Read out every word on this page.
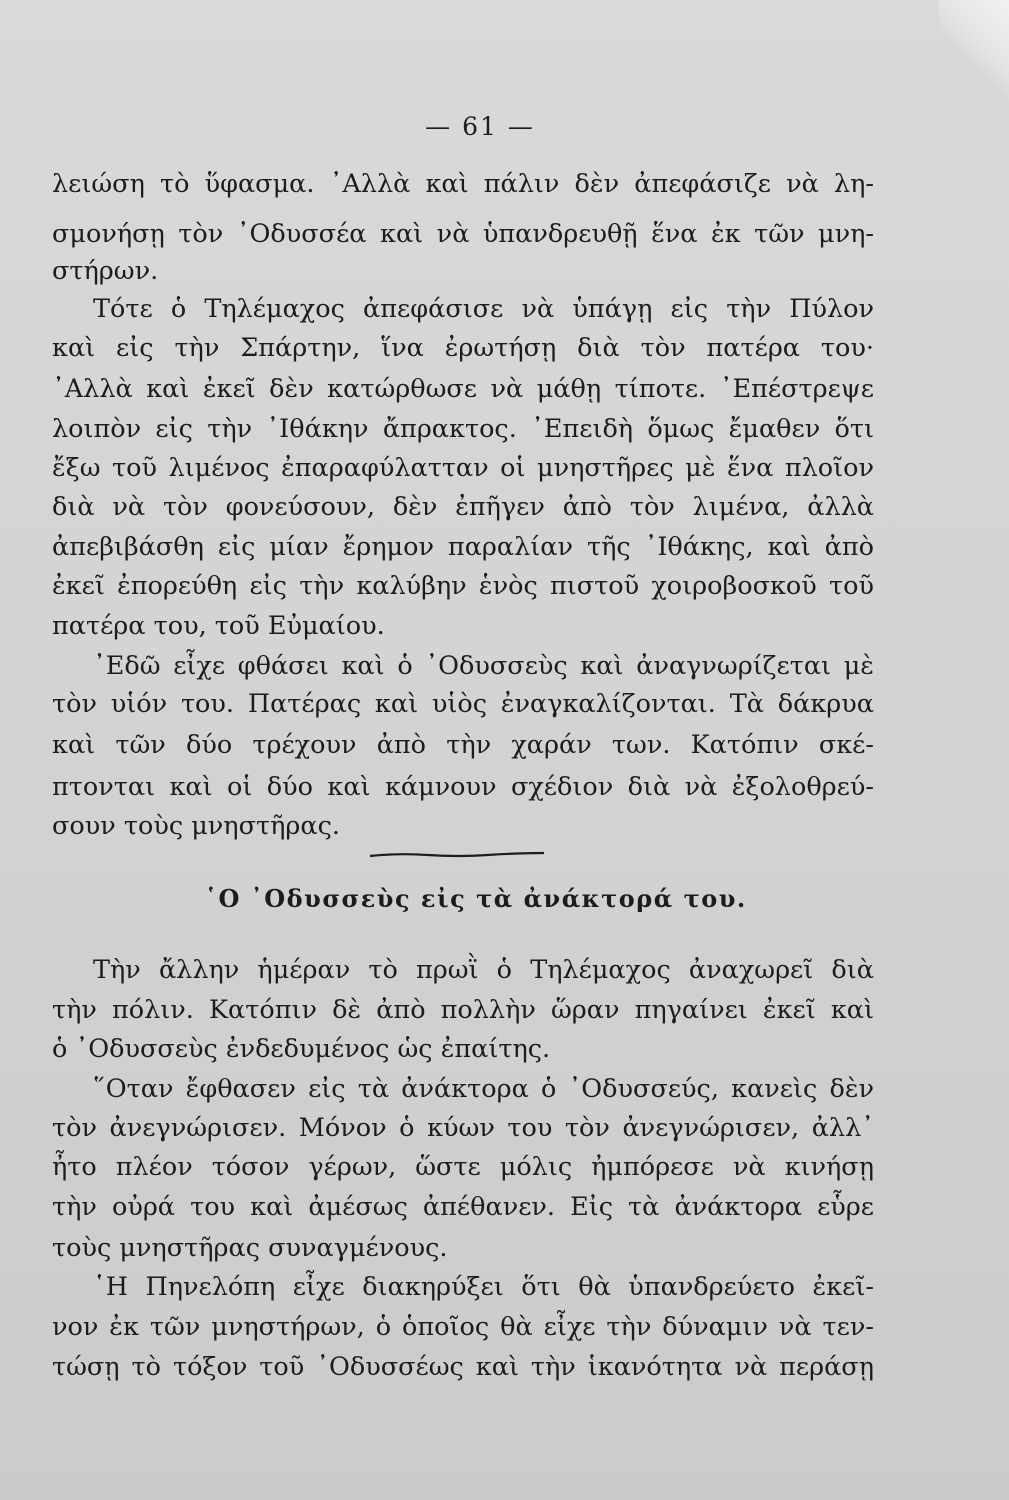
— 61 —
λειώση τὸ ὕφασμα. ᾿Αλλὰ καὶ πάλιν δὲν ἀπεφάσιζε νὰ λη-
σμονήσῃ τὸν ᾿Οδυσσέα καὶ νὰ ὑπανδρευθῇ ἕνα ἐκ τῶν μνη-
στήρων.
Τότε ὁ Τηλέμαχος ἀπεφάσισε νὰ ὑπάγῃ εἰς τὴν Πύλον
καὶ εἰς τὴν Σπάρτην, ἵνα ἐρωτήσῃ διὰ τὸν πατέρα του·
᾿Αλλὰ καὶ ἐκεῖ δὲν κατώρθωσε νὰ μάθῃ τίποτε. ᾿Επέστρεψε
λοιπὸν εἰς τὴν ᾿Ιθάκην ἄπρακτος. ᾿Επειδὴ ὅμως ἔμαθεν ὅτι
ἔξω τοῦ λιμένος ἐπαραφύλατταν οἱ μνηστῆρες μὲ ἕνα πλοῖον
διὰ νὰ τὸν φονεύσουν, δὲν ἐπῆγεν ἀπὸ τὸν λιμένα, ἀλλὰ
ἀπεβιβάσθη εἰς μίαν ἔρημον παραλίαν τῆς ᾿Ιθάκης, καὶ ἀπὸ
ἐκεῖ ἐπορεύθη εἰς τὴν καλύβην ἑνὸς πιστοῦ χοιροβοσκοῦ τοῦ
πατέρα του, τοῦ Εὐμαίου.
᾿Εδῶ εἶχε φθάσει καὶ ὁ ᾿Οδυσσεὺς καὶ ἀναγνωρίζεται μὲ
τὸν υἱόν του. Πατέρας καὶ υἱὸς ἐναγκαλίζονται. Τὰ δάκρυα
καὶ τῶν δύο τρέχουν ἀπὸ τὴν χαράν των. Κατόπιν σκέ-
πτονται καὶ οἱ δύο καὶ κάμνουν σχέδιον διὰ νὰ ἐξολοθρεύ-
σουν τοὺς μνηστῆρας.
῾Ο ᾿Οδυσσεὺς εἰς τὰ ἀνάκτορά του.
Τὴν ἄλλην ἡμέραν τὸ πρωῒ ὁ Τηλέμαχος ἀναχωρεῖ διὰ
τὴν πόλιν. Κατόπιν δὲ ἀπὸ πολλὴν ὥραν πηγαίνει ἐκεῖ καὶ
ὁ ᾿Οδυσσεὺς ἐνδεδυμένος ὡς ἐπαίτης.
῞Οταν ἔφθασεν εἰς τὰ ἀνάκτορα ὁ ᾿Οδυσσεύς, κανεὶς δὲν
τὸν ἀνεγνώρισεν. Μόνον ὁ κύων του τὸν ἀνεγνώρισεν, ἀλλ᾿
ἦτο πλέον τόσον γέρων, ὥστε μόλις ἠμπόρεσε νὰ κινήσῃ
τὴν οὐρά του καὶ ἀμέσως ἀπέθανεν. Εἰς τὰ ἀνάκτορα εὗρε
τοὺς μνηστῆρας συναγμένους.
῾Η Πηνελόπη εἶχε διακηρύξει ὅτι θὰ ὑπανδρεύετο ἐκεῖ-
νον ἐκ τῶν μνηστήρων, ὁ ὁποῖος θὰ εἶχε τὴν δύναμιν νὰ τεν-
τώσῃ τὸ τόξον τοῦ ᾿Οδυσσέως καὶ τὴν ἱκανότητα νὰ περάσῃ
